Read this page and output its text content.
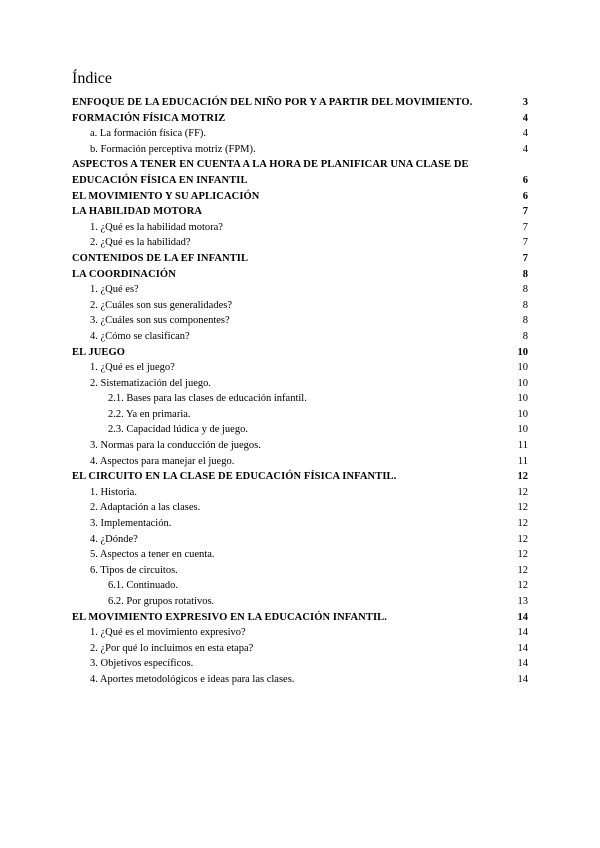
Índice
ENFOQUE DE LA EDUCACIÓN DEL NIÑO POR Y A PARTIR DEL MOVIMIENTO.	3
FORMACIÓN FÍSICA MOTRIZ	4
a. La formación física (FF).	4
b. Formación perceptiva motriz (FPM).	4
ASPECTOS A TENER EN CUENTA A LA HORA DE PLANIFICAR UNA CLASE DE EDUCACIÓN FÍSICA EN INFANTIL	6
EL MOVIMIENTO Y SU APLICACIÓN	6
LA HABILIDAD MOTORA	7
1. ¿Qué es la habilidad motora?	7
2. ¿Qué es la habilidad?	7
CONTENIDOS DE LA EF INFANTIL	7
LA COORDINACIÓN	8
1. ¿Qué es?	8
2. ¿Cuáles son sus generalidades?	8
3. ¿Cuáles son sus componentes?	8
4. ¿Cómo se clasifican?	8
EL JUEGO	10
1. ¿Qué es el juego?	10
2. Sistematización del juego.	10
2.1. Bases para las clases de educación infantil.	10
2.2. Ya en primaria.	10
2.3. Capacidad lúdica y de juego.	10
3. Normas para la conducción de juegos.	11
4. Aspectos para manejar el juego.	11
EL CIRCUITO EN LA CLASE DE EDUCACIÓN FÍSICA INFANTIL.	12
1. Historia.	12
2. Adaptación a las clases.	12
3. Implementación.	12
4. ¿Dónde?	12
5. Aspectos a tener en cuenta.	12
6. Tipos de circuitos.	12
6.1. Continuado.	12
6.2. Por grupos rotativos.	13
EL MOVIMIENTO EXPRESIVO EN LA EDUCACIÓN INFANTIL.	14
1. ¿Qué es el movimiento expresivo?	14
2. ¿Por qué lo incluimos en esta etapa?	14
3. Objetivos específicos.	14
4. Aportes metodológicos e ideas para las clases.	14
